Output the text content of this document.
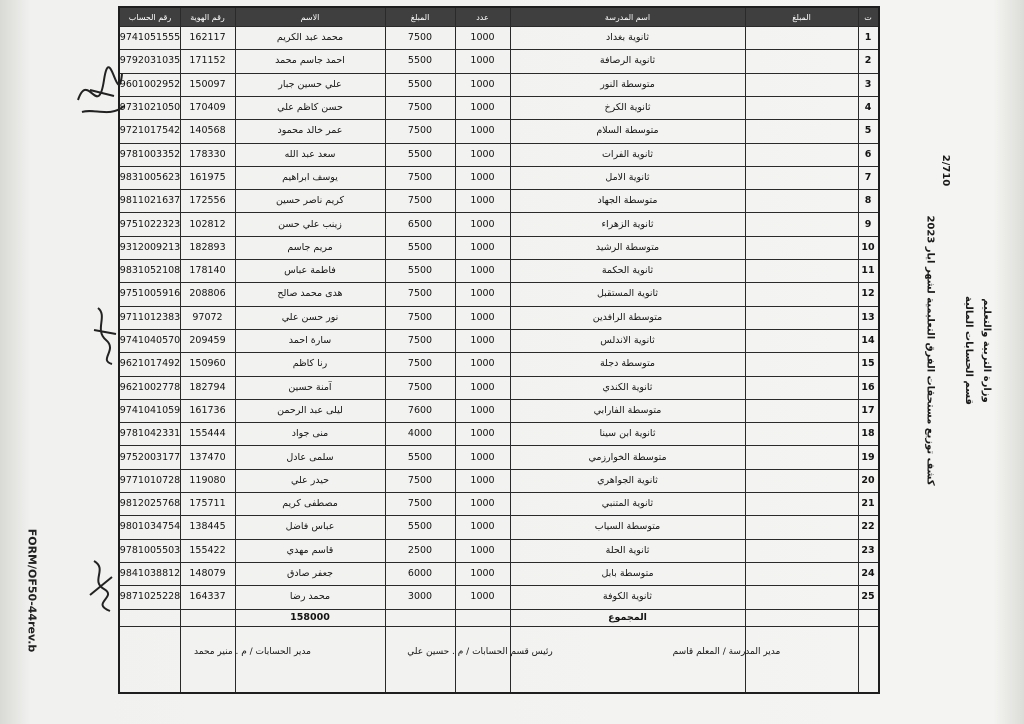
وزارة التربية والتعليم
قسم الحسابات المالية
كشف توزيع مستحقات الفرق التعليمية لشهر ايار 2023
2/710
رقم الحساب رقم الهوية	الاسم	المبلغ	عدد	اسم المدرسة	المبلغ	ت
9741051555 162117	محمد عبد الكريم	7500	1000	ثانوية بغداد	1
9792031035 171152	احمد جاسم محمد	5500	1000	ثانوية الرصافة	2
9601002952 150097	علي حسين جبار	5500	1000	متوسطة النور	3
9731021050 170409	حسن كاظم علي	7500	1000	ثانوية الكرخ	4
9721017542 140568	عمر خالد محمود	7500	1000	متوسطة السلام	5
9781003352 178330	سعد عبد الله	5500	1000	ثانوية الفرات	6
9831005623 161975	يوسف ابراهيم	7500	1000	ثانوية الامل	7
9811021637 172556	كريم ناصر حسين	7500	1000	متوسطة الجهاد	8
9751022323 102812	زينب علي حسن	6500	1000	ثانوية الزهراء	9
9312009213 182893	مريم جاسم	5500	1000	متوسطة الرشيد	10
9831052108 178140	فاطمة عباس	5500	1000	ثانوية الحكمة	11
9751005916 208806	هدى محمد صالح	7500	1000	ثانوية المستقبل	12
9711012383 97072	نور حسن علي	7500	1000	متوسطة الرافدين	13
9741040570 209459	سارة احمد	7500	1000	ثانوية الاندلس	14
9621017492 150960	رنا كاظم	7500	1000	متوسطة دجلة	15
9621002778 182794	آمنة حسين	7500	1000	ثانوية الكندي	16
9741041059 161736	ليلى عبد الرحمن	7600	1000	متوسطة الفارابي	17
9781042331 155444	منى جواد	4000	1000	ثانوية ابن سينا	18
9752003177 137470	سلمى عادل	5500	1000	متوسطة الخوارزمي	19
9771010728 119080	حيدر علي	7500	1000	ثانوية الجواهري	20
9812025768 175711	مصطفى كريم	7500	1000	ثانوية المتنبي	21
9801034754 138445	عباس فاضل	5500	1000	متوسطة السياب	22
9781005503 155422	قاسم مهدي	2500	1000	ثانوية الحلة	23
9841038812 148079	جعفر صادق	6000	1000	متوسطة بابل	24
9871025228 164337	محمد رضا	3000	1000	ثانوية الكوفة	25
158000	المجموع
مدير الحسابات / م . منير محمد	رئيس قسم الحسابات / م . حسين علي	مدير المدرسة / المعلم قاسم
FORM/OF50-44rev.b
